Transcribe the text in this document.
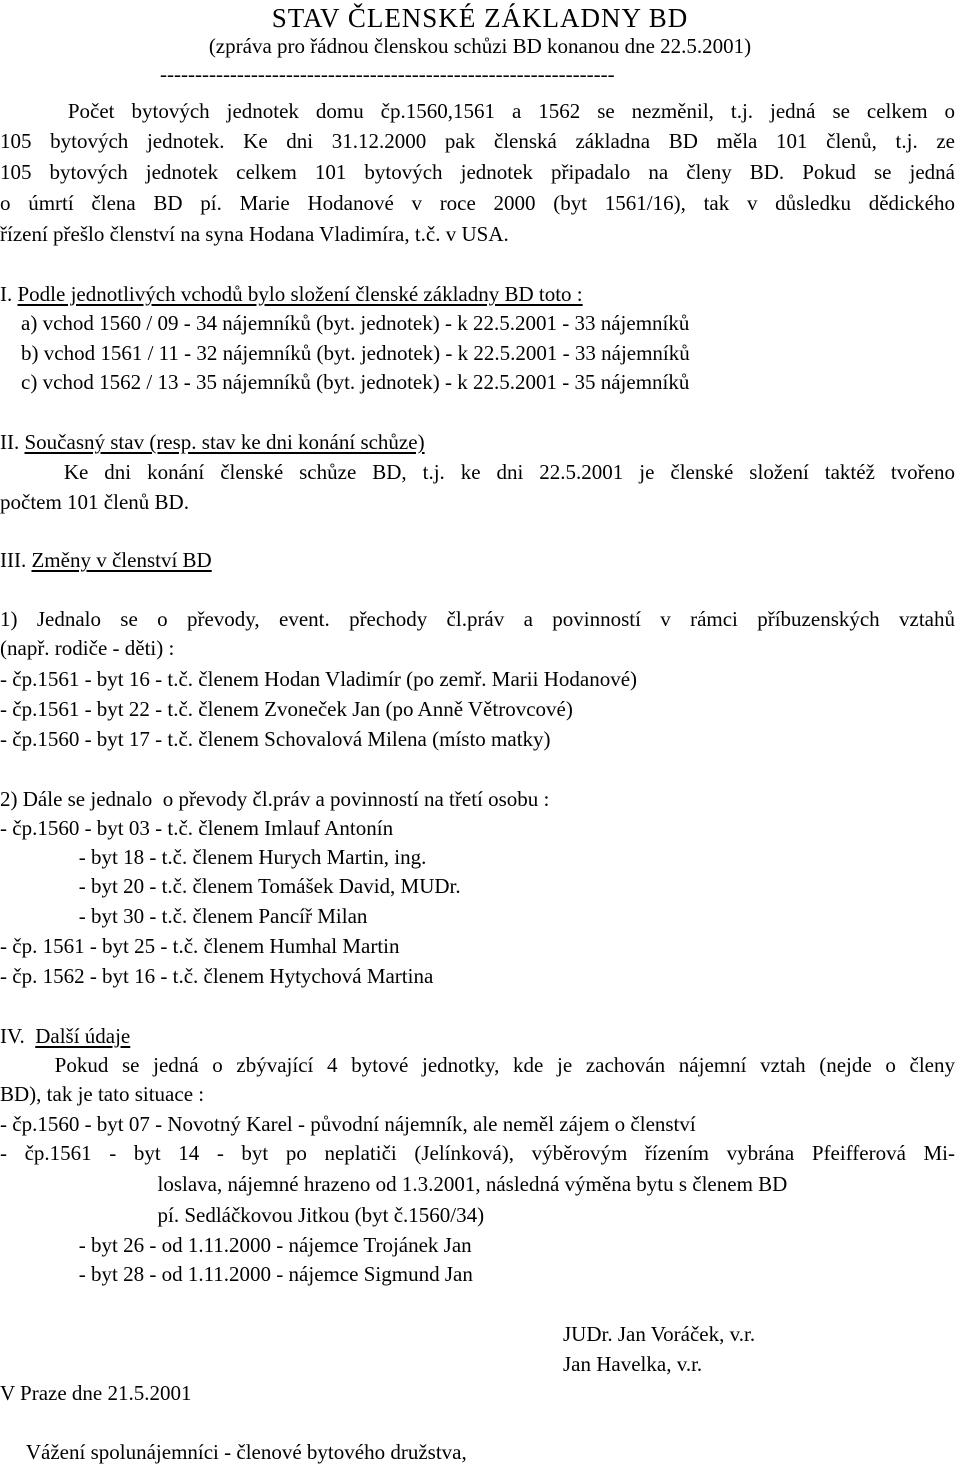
STAV ČLENSKÉ ZÁKLADNY BD
(zpráva pro řádnou členskou schůzi BD konanou dne 22.5.2001)
-----------------------------------------------------------------
Počet bytových jednotek domu čp.1560,1561 a 1562 se nezměnil, t.j. jedná se celkem o
105 bytových jednotek. Ke dni 31.12.2000 pak členská základna BD měla 101 členů, t.j. ze
105 bytových jednotek celkem 101 bytových jednotek připadalo na členy BD. Pokud se jedná
o úmrtí člena BD pí. Marie Hodanové v roce 2000 (byt 1561/16), tak v důsledku dědického
řízení přešlo členství na syna Hodana Vladimíra, t.č. v USA.
I. Podle jednotlivých vchodů bylo složení členské základny BD toto :
a) vchod 1560 / 09 - 34 nájemníků (byt. jednotek) - k 22.5.2001 - 33 nájemníků
b) vchod 1561 / 11 - 32 nájemníků (byt. jednotek) - k 22.5.2001 - 33 nájemníků
c) vchod 1562 / 13 - 35 nájemníků (byt. jednotek) - k 22.5.2001 - 35 nájemníků
II. Současný stav (resp. stav ke dni konání schůze)
Ke dni konání členské schůze BD, t.j. ke dni 22.5.2001 je členské složení taktéž tvořeno
počtem 101 členů BD.
III. Změny v členství BD
1) Jednalo se o převody, event. přechody čl.práv a povinností v rámci příbuzenských vztahů
(např. rodiče - děti) :
- čp.1561 - byt 16 - t.č. členem Hodan Vladimír (po zemř. Marii Hodanové)
- čp.1561 - byt 22 - t.č. členem Zvoneček Jan (po Anně Větrovcové)
- čp.1560 - byt 17 - t.č. členem Schovalová Milena (místo matky)
2) Dále se jednalo  o převody čl.práv a povinností na třetí osobu :
- čp.1560 - byt 03 - t.č. členem Imlauf Antonín
- byt 18 - t.č. členem Hurych Martin, ing.
- byt 20 - t.č. členem Tomášek David, MUDr.
- byt 30 - t.č. členem Pancíř Milan
- čp. 1561 - byt 25 - t.č. členem Humhal Martin
- čp. 1562 - byt 16 - t.č. členem Hytychová Martina
IV.  Další údaje
Pokud se jedná o zbývající 4 bytové jednotky, kde je zachován nájemní vztah (nejde o členy
BD), tak je tato situace :
- čp.1560 - byt 07 - Novotný Karel - původní nájemník, ale neměl zájem o členství
- čp.1561 - byt 14 - byt po neplatiči (Jelínková), výběrovým řízením vybrána Pfeifferová Mi-
loslava, nájemné hrazeno od 1.3.2001, následná výměna bytu s členem BD
pí. Sedláčkovou Jitkou (byt č.1560/34)
- byt 26 - od 1.11.2000 - nájemce Trojánek Jan
- byt 28 - od 1.11.2000 - nájemce Sigmund Jan
JUDr. Jan Voráček, v.r.
Jan Havelka, v.r.
V Praze dne 21.5.2001
Vážení spolunájemníci - členové bytového družstva,
